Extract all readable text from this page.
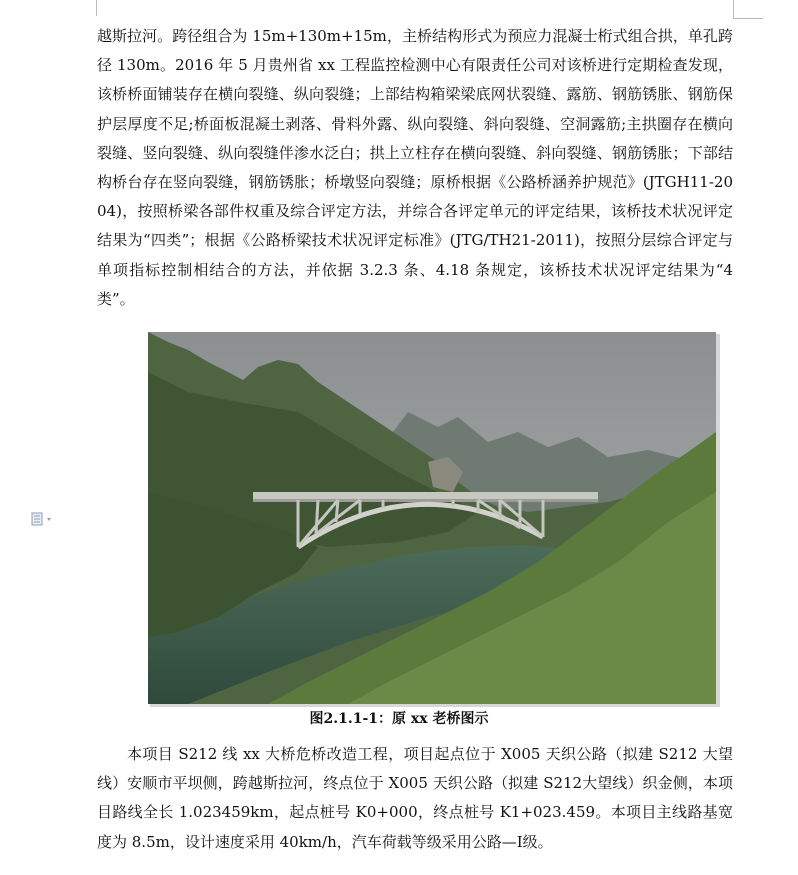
越斯拉河。跨径组合为 15m+130m+15m，主桥结构形式为预应力混凝士桁式组合拱，单孔跨径 130m。2016 年 5 月贵州省 xx 工程监控检测中心有限责任公司对该桥进行定期检查发现，该桥桥面铺装存在横向裂缝、纵向裂缝；上部结构箱梁梁底网状裂缝、露筋、钢筋锈胀、钢筋保护层厚度不足;桥面板混凝土剥落、骨料外露、纵向裂缝、斜向裂缝、空洞露筋;主拱圈存在横向裂缝、竖向裂缝、纵向裂缝伴渗水泛白；拱上立柱存在横向裂缝、斜向裂缝、钢筋锈胀；下部结构桥台存在竖向裂缝，钢筋锈胀；桥墩竖向裂缝；原桥根据《公路桥涵养护规范》(JTGH11-2004)，按照桥梁各部件权重及综合评定方法，并综合各评定单元的评定结果，该桥技术状况评定结果为“四类”；根据《公路桥梁技术状况评定标准》(JTG/TH21-2011)，按照分层综合评定与单项指标控制相结合的方法，并依据 3.2.3 条、4.18 条规定，该桥技术状况评定结果为“4 类”。

图2.1.1-1：原 xx 老桥图示

本项目 S212 线 xx 大桥危桥改造工程，项目起点位于 X005 天织公路（拟建 S212 大望线）安顺市平坝侧，跨越斯拉河，终点位于 X005 天织公路（拟建 S212大望线）织金侧，本项目路线全长 1.023459km，起点桩号 K0+000，终点桩号 K1+023.459。本项目主线路基宽度为 8.5m，设计速度采用 40km/h，汽车荷载等级采用公路—Ⅰ级。
